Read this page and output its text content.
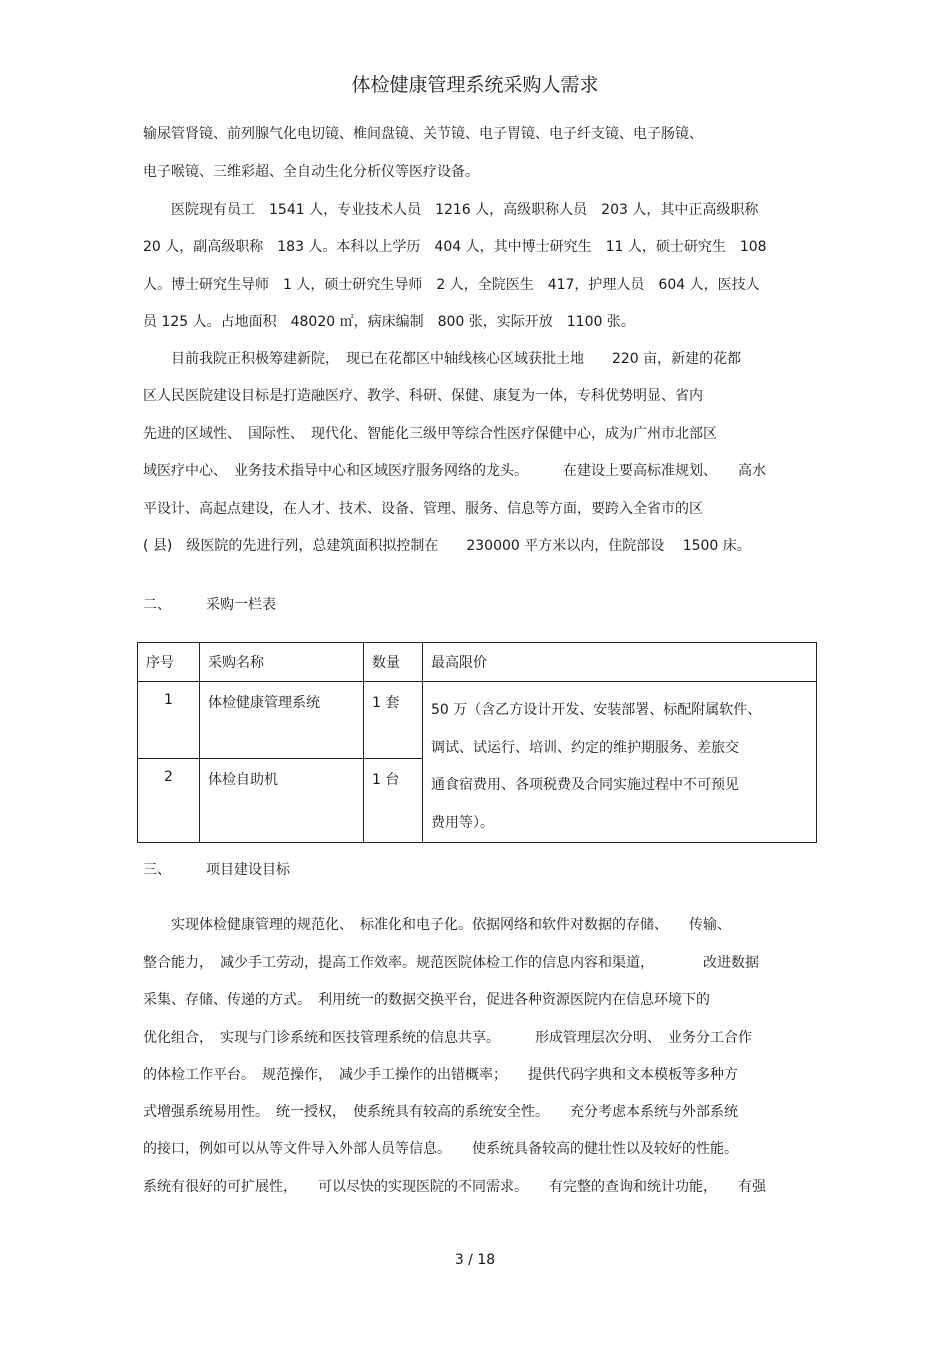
体检健康管理系统采购人需求
输尿管肾镜、前列腺气化电切镜、椎间盘镜、关节镜、电子胃镜、电子纤支镜、电子肠镜、
电子喉镜、三维彩超、全自动生化分析仪等医疗设备。
　　医院现有员工　1541 人，专业技术人员　1216 人，高级职称人员　203 人，其中正高级职称
20 人，副高级职称　183 人。本科以上学历　404 人，其中博士研究生　11 人，硕士研究生　108
人。博士研究生导师　1 人，硕士研究生导师　2 人，全院医生　417，护理人员　604 人，医技人
员 125 人。占地面积　48020 ㎡，病床编制　800 张，实际开放　1100 张。
　　目前我院正积极筹建新院，　现已在花都区中轴线核心区域获批土地　　220 亩，新建的花都
区人民医院建设目标是打造融医疗、教学、科研、保健、康复为一体，专科优势明显、省内
先进的区域性、　国际性、　现代化、智能化三级甲等综合性医疗保健中心，成为广州市北部区
域医疗中心、　业务技术指导中心和区域医疗服务网络的龙头。　　　在建设上要高标准规划、　　高水
平设计、高起点建设，在人才、技术、设备、管理、服务、信息等方面，要跨入全省市的区
( 县)　级医院的先进行列，总建筑面积拟控制在　　230000 平方米以内，住院部设　 1500 床。
二、　　　采购一栏表
序号	采购名称	数量	最高限价
1	体检健康管理系统	1 套	50 万（含乙方设计开发、安装部署、标配附属软件、
调试、试运行、培训、约定的维护期服务、差旅交
通食宿费用、各项税费及合同实施过程中不可预见
费用等）。

2	体检自助机	1 台	
三、　　　项目建设目标
　　实现体检健康管理的规范化、　标准化和电子化。依据网络和软件对数据的存储、　　传输、
整合能力，　减少手工劳动，提高工作效率。规范医院体检工作的信息内容和渠道，　　　　改进数据
采集、存储、传递的方式。　利用统一的数据交换平台，促进各种资源医院内在信息环境下的
优化组合，　实现与门诊系统和医技管理系统的信息共享。　　　形成管理层次分明、　业务分工合作
的体检工作平台。　规范操作，　减少手工操作的出错概率；　　提供代码字典和文本模板等多种方
式增强系统易用性。　统一授权，　使系统具有较高的系统安全性。　　充分考虑本系统与外部系统
的接口，例如可以从等文件导入外部人员等信息。　　使系统具备较高的健壮性以及较好的性能。
系统有很好的可扩展性，　　可以尽快的实现医院的不同需求。　　有完整的查询和统计功能，　　有强
3 / 18
